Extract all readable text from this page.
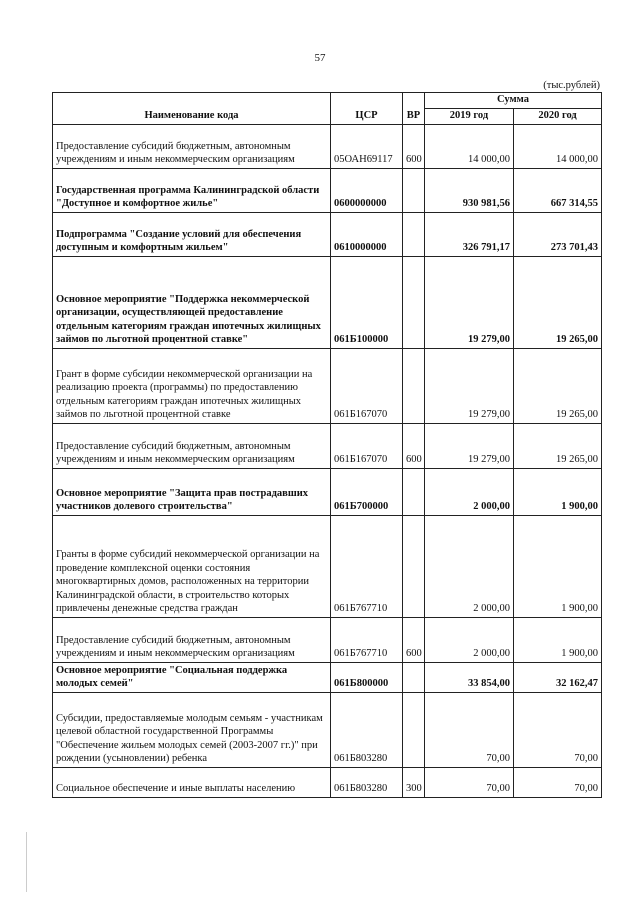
57
(тыс.рублей)
Наименование кода	ЦСР	ВР	Сумма	
			2019 год	2020 год
Предоставление субсидий бюджетным, автономным учреждениям и иным некоммерческим организациям	05ОАН69117	600	14 000,00	14 000,00
Государственная программа Калининградской области "Доступное и комфортное жилье"	0600000000		930 981,56	667 314,55
Подпрограмма "Создание условий для обеспечения доступным и комфортным жильем"	0610000000		326 791,17	273 701,43
Основное мероприятие "Поддержка некоммерческой организации, осуществляющей предоставление отдельным категориям граждан ипотечных жилищных займов по льготной процентной ставке"	061Б100000		19 279,00	19 265,00
Грант в форме субсидии некоммерческой организации на реализацию проекта (программы) по предоставлению отдельным категориям граждан ипотечных жилищных займов по льготной процентной ставке	061Б167070		19 279,00	19 265,00
Предоставление субсидий бюджетным, автономным учреждениям и иным некоммерческим организациям	061Б167070	600	19 279,00	19 265,00
Основное мероприятие "Защита прав пострадавших участников долевого строительства"	061Б700000		2 000,00	1 900,00
Гранты в форме субсидий некоммерческой организации на проведение комплексной оценки состояния многоквартирных домов, расположенных на территории Калининградской области, в строительство которых привлечены денежные средства граждан	061Б767710		2 000,00	1 900,00
Предоставление субсидий бюджетным, автономным учреждениям и иным некоммерческим организациям	061Б767710	600	2 000,00	1 900,00
Основное мероприятие "Социальная поддержка молодых семей"	061Б800000		33 854,00	32 162,47
Субсидии, предоставляемые молодым семьям - участникам целевой областной государственной Программы "Обеспечение жильем молодых семей (2003-2007 гг.)" при рождении (усыновлении) ребенка	061Б803280		70,00	70,00
Социальное обеспечение и иные выплаты населению	061Б803280	300	70,00	70,00
